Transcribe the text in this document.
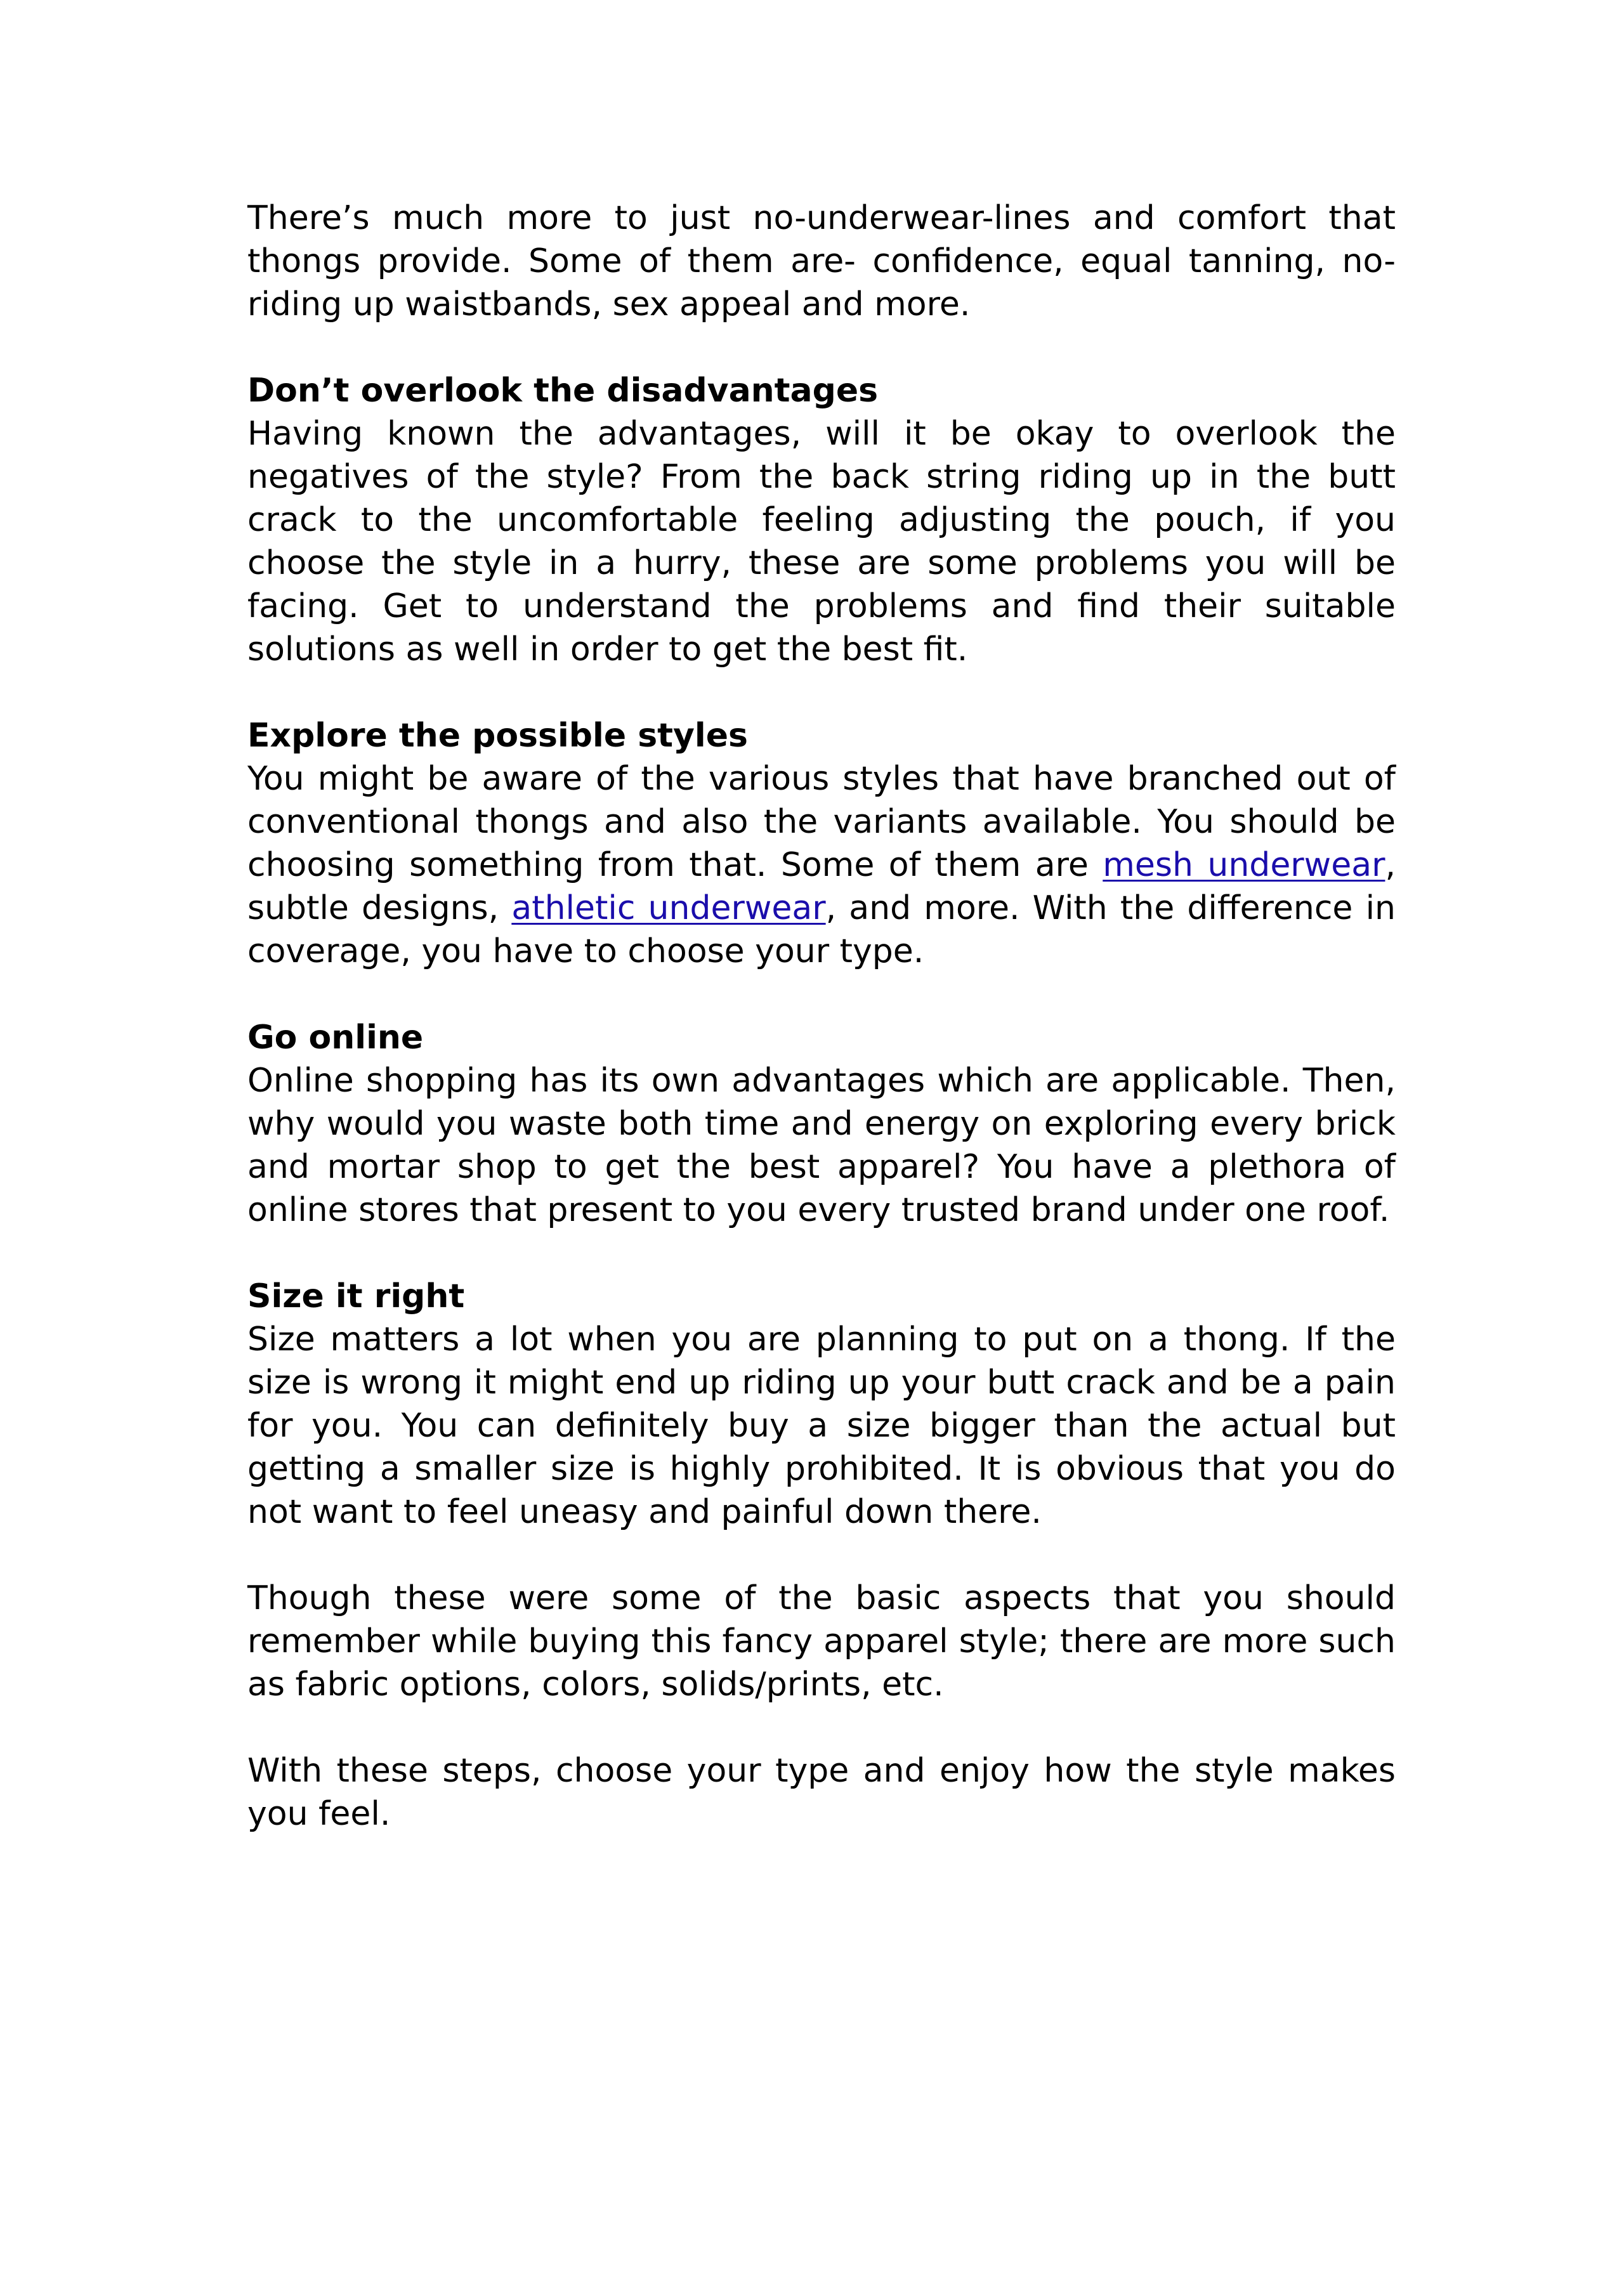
There’s much more to just no-underwear-lines and comfort that thongs provide. Some of them are- confidence, equal tanning, no-riding up waistbands, sex appeal and more.

Don’t overlook the disadvantages

Having known the advantages, will it be okay to overlook the negatives of the style? From the back string riding up in the butt crack to the uncomfortable feeling adjusting the pouch, if you choose the style in a hurry, these are some problems you will be facing. Get to understand the problems and find their suitable solutions as well in order to get the best fit.

Explore the possible styles

You might be aware of the various styles that have branched out of conventional thongs and also the variants available. You should be choosing something from that. Some of them are mesh underwear, subtle designs, athletic underwear, and more. With the difference in coverage, you have to choose your type.

Go online

Online shopping has its own advantages which are applicable. Then, why would you waste both time and energy on exploring every brick and mortar shop to get the best apparel? You have a plethora of online stores that present to you every trusted brand under one roof.

Size it right

Size matters a lot when you are planning to put on a thong. If the size is wrong it might end up riding up your butt crack and be a pain for you. You can definitely buy a size bigger than the actual but getting a smaller size is highly prohibited. It is obvious that you do not want to feel uneasy and painful down there.

Though these were some of the basic aspects that you should remember while buying this fancy apparel style; there are more such as fabric options, colors, solids/prints, etc.

With these steps, choose your type and enjoy how the style makes you feel.
